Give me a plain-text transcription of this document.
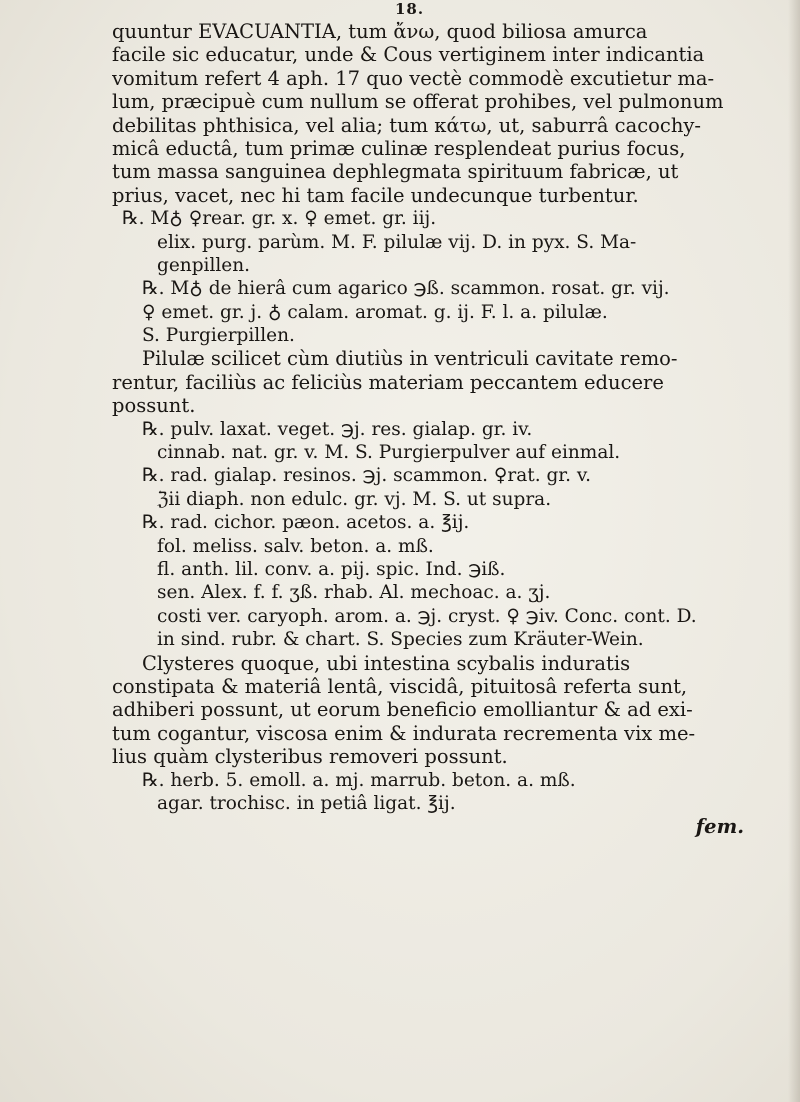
18.
quuntur EVACUANTIA, tum ἄνω, quod biliosa amurca
facile sic educatur, unde & Cous vertiginem inter indicantia
vomitum refert 4 aph. 17 quo vectè commodè excutietur ma-
lum, præcipuè cum nullum se offerat prohibes, vel pulmonum
debilitas phthisica, vel alia; tum κάτω, ut, saburrâ cacochy-
micâ eductâ, tum primæ culinæ resplendeat purius focus,
tum massa sanguinea dephlegmata spirituum fabricæ, ut
prius, vacet, nec hi tam facile undecunque turbentur.
℞. M♁ ♀rear. gr. x. ♀ emet. gr. iij.
elix. purg. parùm. M. F. pilulæ vij. D. in pyx. S. Ma-
genpillen.
℞. M♁ de hierâ cum agarico ℈ß. scammon. rosat. gr. vij.
♀ emet. gr. j. ♁ calam. aromat. g. ij. F. l. a. pilulæ.
S. Purgierpillen.
Pilulæ scilicet cùm diutiùs in ventriculi cavitate remo-
rentur, faciliùs ac feliciùs materiam peccantem educere
possunt.
℞. pulv. laxat. veget. ℈j. res. gialap. gr. iv.
cinnab. nat. gr. v. M. S. Purgierpulver auf einmal.
℞. rad. gialap. resinos. ℈j. scammon. ♀rat. gr. v.
ℨii diaph. non edulc. gr. vj. M. S. ut supra.
℞. rad. cichor. pæon. acetos. a. ℥ij.
fol. meliss. salv. beton. a. mß.
fl. anth. lil. conv. a. pij. spic. Ind. ℈iß.
sen. Alex. f. f. ʒß. rhab. Al. mechoac. a. ʒj.
costi ver. caryoph. arom. a. ℈j. cryst. ♀ ℈iv. Conc. cont. D.
in sind. rubr. & chart. S. Species zum Kräuter-Wein.
Clysteres quoque, ubi intestina scybalis induratis
constipata & materiâ lentâ, viscidâ, pituitosâ referta sunt,
adhiberi possunt, ut eorum beneficio emolliantur & ad exi-
tum cogantur, viscosa enim & indurata recrementa vix me-
lius quàm clysteribus removeri possunt.
℞. herb. 5. emoll. a. mj. marrub. beton. a. mß.
agar. trochisc. in petiâ ligat. ℥ij.
fem.
